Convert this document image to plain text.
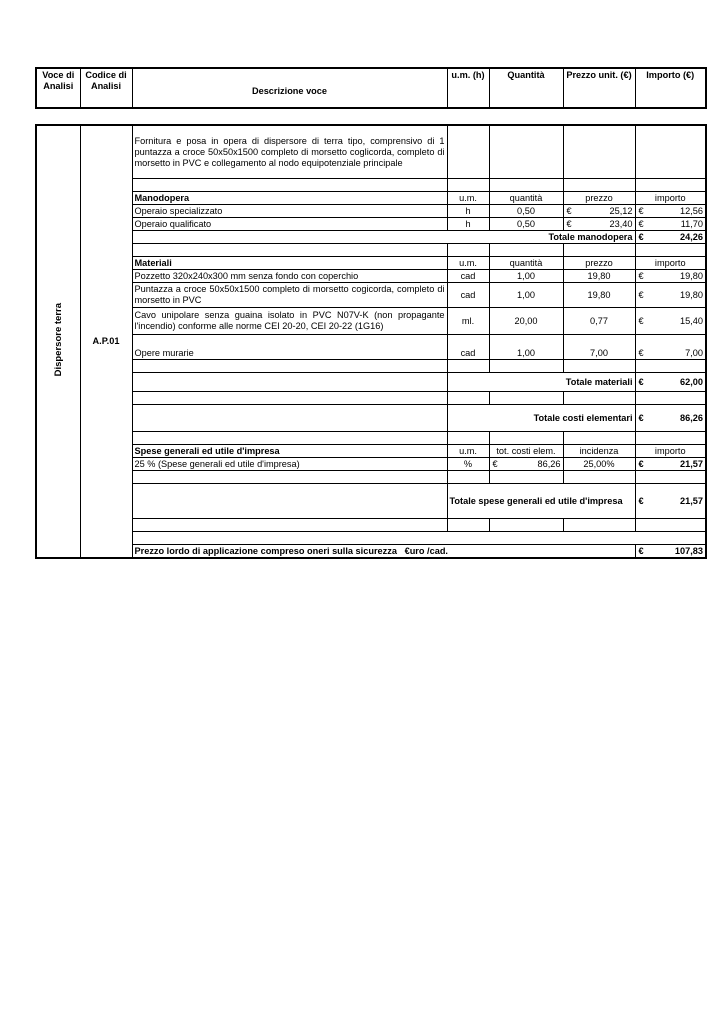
Voce di Analisi	Codice di Analisi	Descrizione voce	u.m. (h)	Quantità	Prezzo unit. (€)	Importo (€)
Dispersore terra	A.P.01	Fornitura e posa in opera di dispersore di terra tipo, comprensivo di 1 puntazza a croce 50x50x1500 completo di morsetto coglicorda, completo di morsetto in PVC e collegamento al nodo equipotenziale principale				

		Manodopera	u.m.	quantità	prezzo	importo
		Operaio specializzato	h	0,50	€ 25,12	€ 12,56

		Operaio qualificato	h	0,50	€ 23,40	€ 11,70

				Totale manodopera		€ 24,26

		Materiali	u.m.	quantità	prezzo	importo
		Pozzetto 320x240x300 mm senza fondo con coperchio	cad	1,00	19,80	€ 19,80

		Puntazza a croce 50x50x1500 completo di morsetto cogicorda, completo di morsetto in PVC	cad	1,00	19,80	€ 19,80

		Cavo unipolare senza guaina isolato in PVC N07V-K (non propagante l'incendio) conforme alle norme CEI 20-20, CEI 20-22 (1G16)	ml.	20,00	0,77	€ 15,40

		Opere murarie	cad	1,00	7,00	€ 7,00

			Totale materiali			€ 62,00

			Totale costi elementari			€ 86,26

		Spese generali ed utile d'impresa	u.m.	tot. costi elem.	incidenza	importo
		25 % (Spese generali ed utile d'impresa)	%	€ 86,26	25,00%	€ 21,57

			Totale spese generali ed utile d'impresa			€ 21,57

		Prezzo lordo di applicazione compreso oneri sulla sicurezza   €uro /cad.				€ 107,83
